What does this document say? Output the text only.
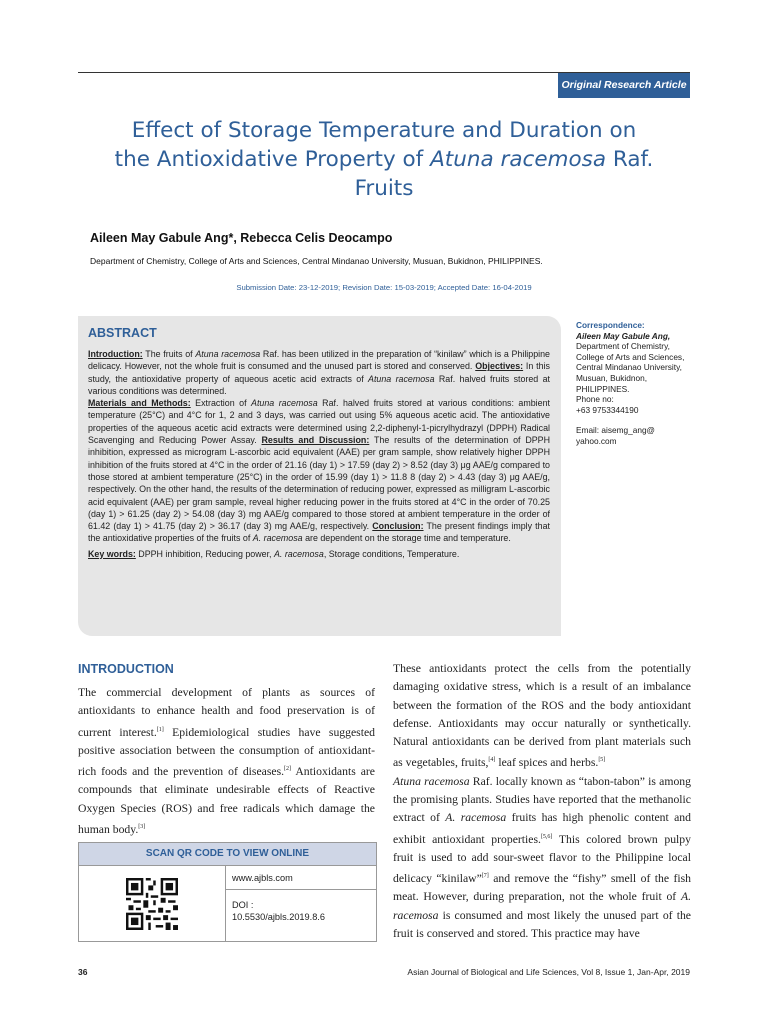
Original Research Article
Effect of Storage Temperature and Duration on
the Antioxidative Property of Atuna racemosa Raf.
Fruits
Aileen May Gabule Ang*, Rebecca Celis Deocampo
Department of Chemistry, College of Arts and Sciences, Central Mindanao University, Musuan, Bukidnon, PHILIPPINES.
Submission Date: 23-12-2019; Revision Date: 15-03-2019; Accepted Date: 16-04-2019
ABSTRACT

Introduction: The fruits of Atuna racemosa Raf. has been utilized in the preparation of “kinilaw” which is a Philippine delicacy. However, not the whole fruit is consumed and the unused part is stored and conserved. Objectives: In this study, the antioxidative property of aqueous acetic acid extracts of Atuna racemosa Raf. halved fruits stored at various conditions was determined.
Materials and Methods: Extraction of Atuna racemosa Raf. halved fruits stored at various conditions: ambient temperature (25°C) and 4°C for 1, 2 and 3 days, was carried out using 5% aqueous acetic acid. The antioxidative properties of the aqueous acetic acid extracts were determined using 2,2-diphenyl-1-picrylhydrazyl (DPPH) Radical Scavenging and Reducing Power Assay. Results and Discussion: The results of the determination of DPPH inhibition, expressed as microgram L-ascorbic acid equivalent (AAE) per gram sample, show relatively higher DPPH inhibition of the fruits stored at 4°C in the order of 21.16 (day 1) > 17.59 (day 2) > 8.52 (day 3) μg AAE/g compared to those stored at ambient temperature (25°C) in the order of 15.99 (day 1) > 11.8 8 (day 2) > 4.43 (day 3) μg AAE/g, respectively. On the other hand, the results of the determination of reducing power, expressed as milligram L-ascorbic acid equivalent (AAE) per gram sample, reveal higher reducing power in the fruits stored at 4°C in the order of 70.25 (day 1) > 61.25 (day 2) > 54.08 (day 3) mg AAE/g compared to those stored at ambient temperature in the order of 61.42 (day 1) > 41.75 (day 2) > 36.17 (day 3) mg AAE/g, respectively. Conclusion: The present findings imply that the antioxidative properties of the fruits of A. racemosa are dependent on the storage time and temperature.

Key words: DPPH inhibition, Reducing power, A. racemosa, Storage conditions, Temperature.

Correspondence:
Aileen May Gabule Ang,
Department of Chemistry, College of Arts and Sciences, Central Mindanao University, Musuan, Bukidnon, PHILIPPINES.
Phone no:
+63 9753344190
Email: aisemg_ang@
yahoo.com
INTRODUCTION

The commercial development of plants as sources of antioxidants to enhance health and food preservation is of current interest.[1] Epidemiological studies have suggested positive association between the consumption of antioxidant-rich foods and the prevention of diseases.[2] Antioxidants are compounds that eliminate undesirable effects of Reactive Oxygen Species (ROS) and free radicals which damage the human body.[3]

SCAN QR CODE TO VIEW ONLINE
www.ajbls.com
DOI :
10.5530/ajbls.2019.8.6

These antioxidants protect the cells from the potentially damaging oxidative stress, which is a result of an imbalance between the formation of the ROS and the body antioxidant defense. Antioxidants may occur naturally or synthetically. Natural antioxidants can be derived from plant materials such as vegetables, fruits,[4] leaf spices and herbs.[5]

Atuna racemosa Raf. locally known as “tabon-tabon” is among the promising plants. Studies have reported that the methanolic extract of A. racemosa fruits has high phenolic content and exhibit antioxidant properties.[5,6] This colored brown pulpy fruit is used to add sour-sweet flavor to the Philippine local delicacy “kinilaw”[7] and remove the “fishy” smell of the fish meat. However, during preparation, not the whole fruit of A. racemosa is consumed and most likely the unused part of the fruit is conserved and stored. This practice may have

36	Asian Journal of Biological and Life Sciences, Vol 8, Issue 1, Jan-Apr, 2019
